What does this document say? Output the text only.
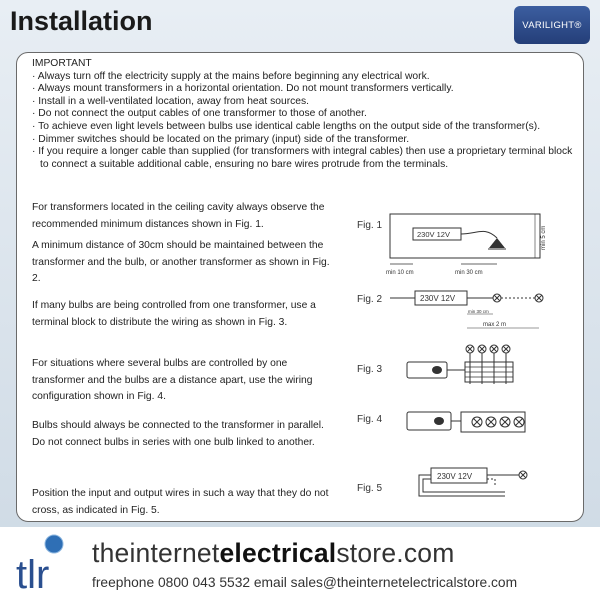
Installation	VARILIGHT®
IMPORTANT
· Always turn off the electricity supply at the mains before beginning any electrical work.
· Always mount transformers in a horizontal orientation. Do not mount transformers vertically.
· Install in a well-ventilated location, away from heat sources.
· Do not connect the output cables of one transformer to those of another.
· To achieve even light levels between bulbs use identical cable lengths on the output side of the transformer(s).
· Dimmer switches should be located on the primary (input) side of the transformer.
· If you require a longer cable than supplied (for transformers with integral cables) then use a proprietary terminal block to connect a suitable additional cable, ensuring no bare wires protrude from the terminals.
For transformers located in the ceiling cavity always observe the recommended minimum distances shown in Fig. 1.
A minimum distance of 30cm should be maintained between the transformer and the bulb, or another transformer as shown in Fig. 2.
If many bulbs are being controlled from one transformer, use a terminal block to distribute the wiring as shown in Fig. 3.
For situations where several bulbs are controlled by one transformer and the bulbs are a distance apart, use the wiring configuration shown in Fig. 4.
Bulbs should always be connected to the transformer in parallel. Do not connect bulbs in series with one bulb linked to another.
Position the input and output wires in such a way that they do not cross, as indicated in Fig. 5.
Fig. 1
230V 12V
min 10 cm	min 30 cm
min 5 cm
Fig. 2	230V 12V
min 30 cm
max 2 m
Fig. 3
Fig. 4
Fig. 5
230V 12V
tlr theinternetelectricalstore.com
freephone 0800 043 5532 email sales@theinternetelectricalstore.com
